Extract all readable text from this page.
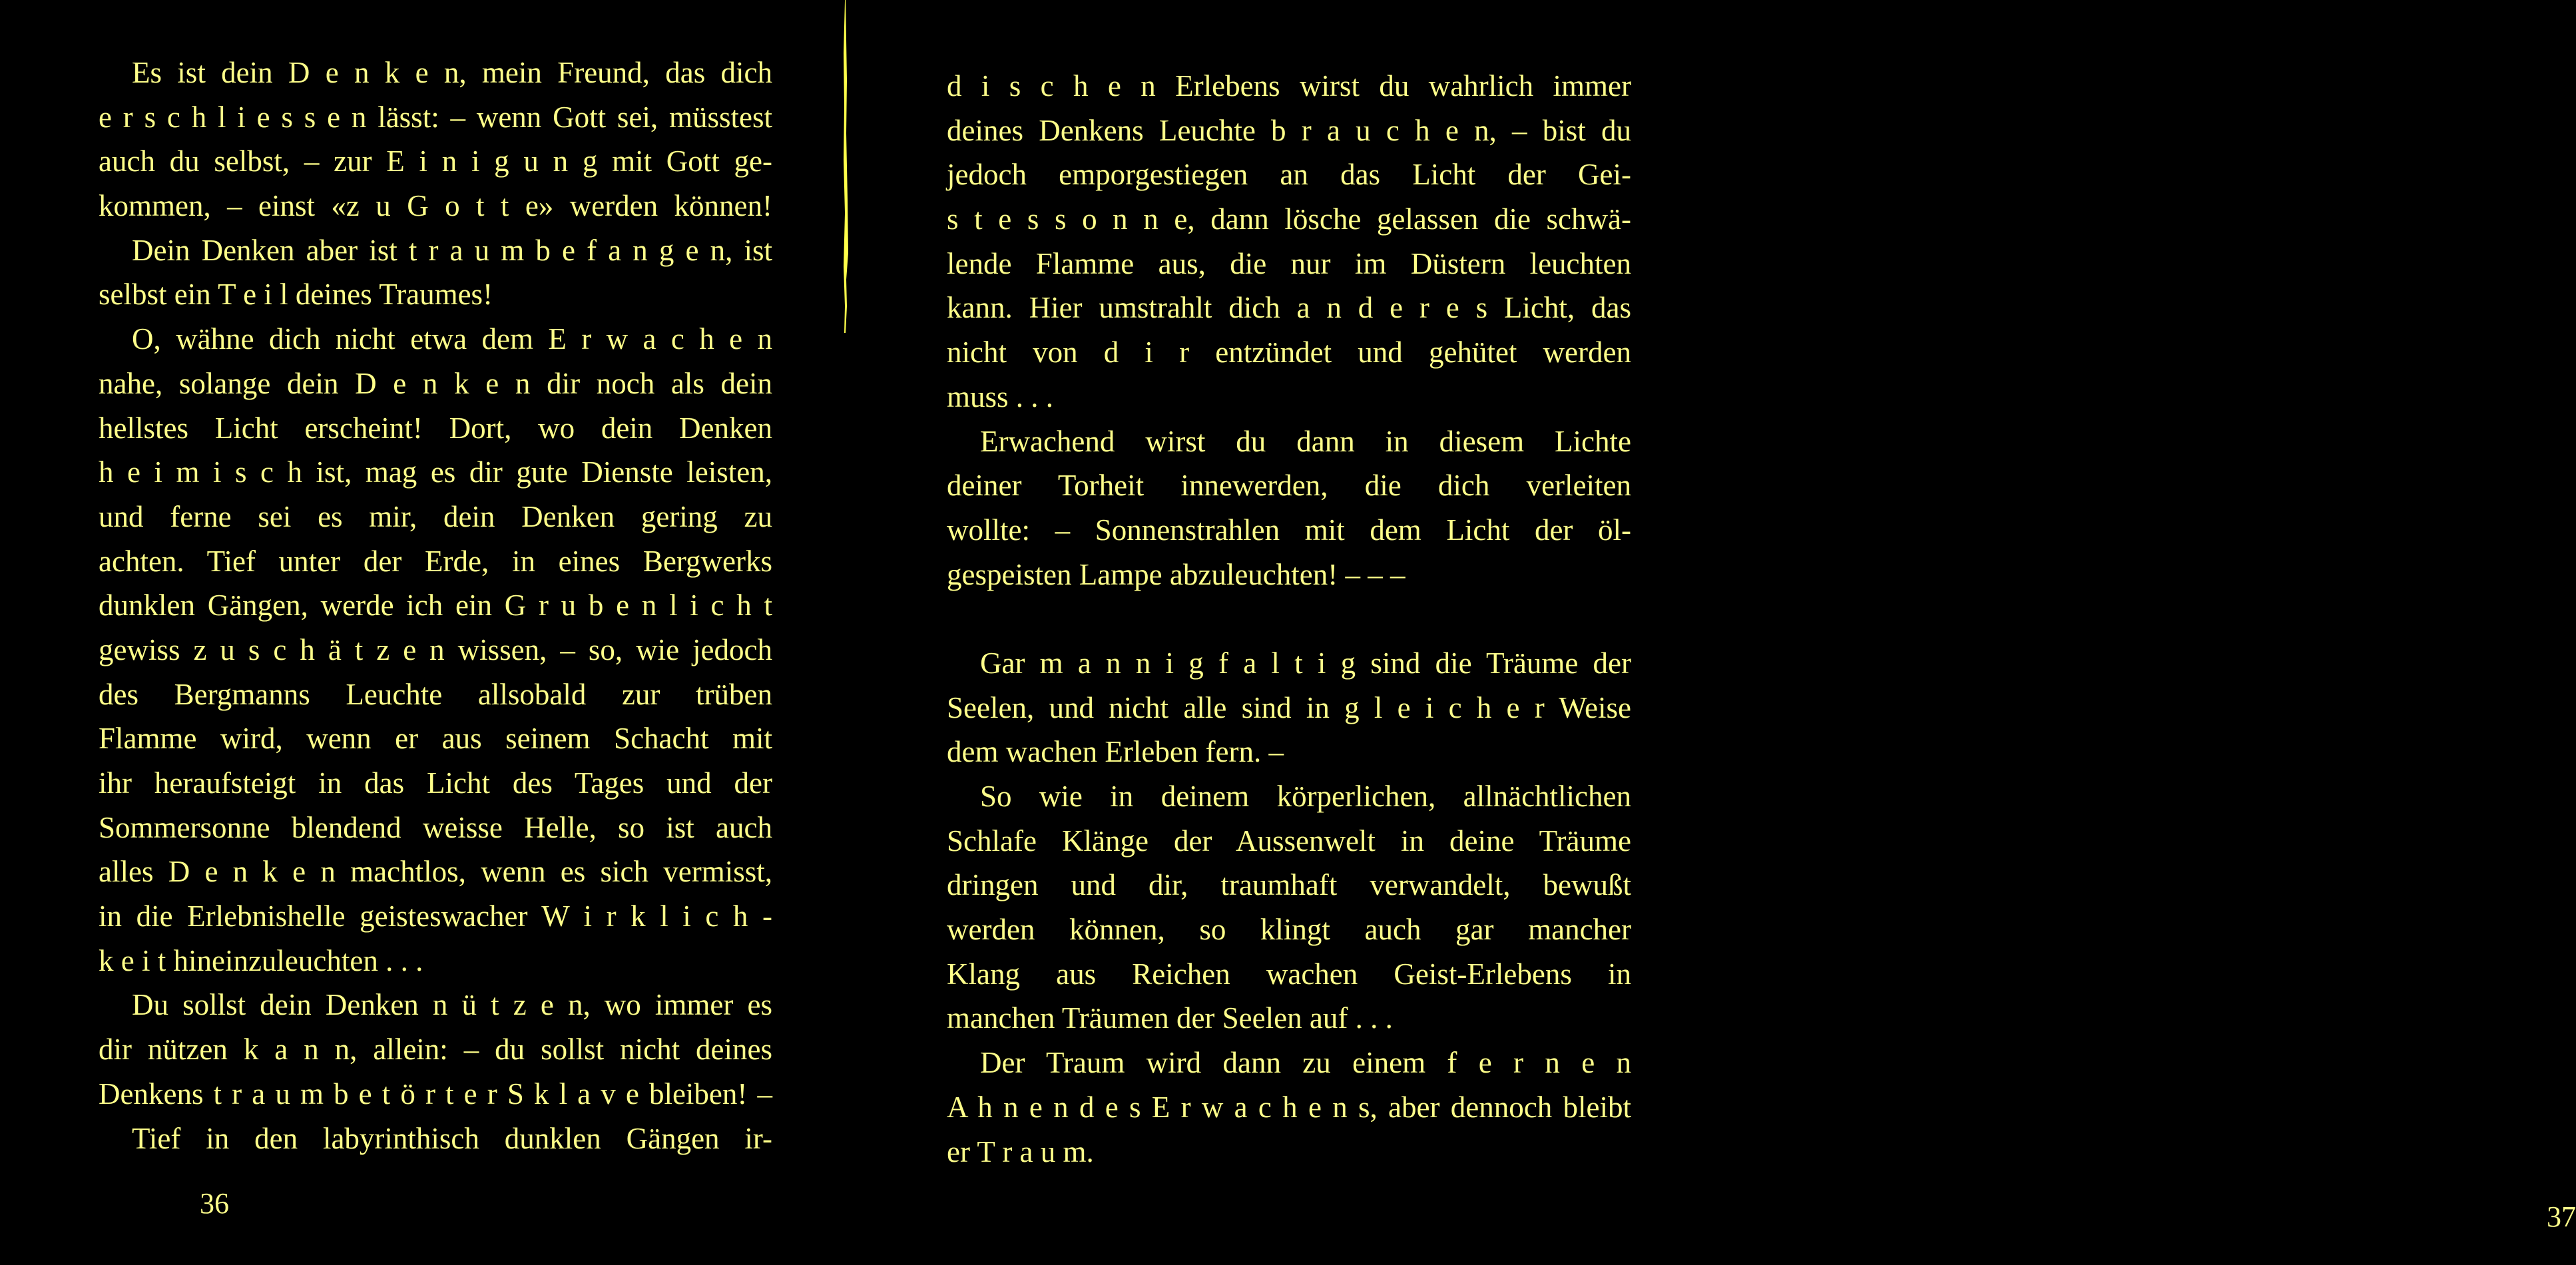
Es ist dein D e n k e n, mein Freund, das dich
e r s c h l i e s s e n lässt: – wenn Gott sei, müsstest
auch du selbst, – zur E i n i g u n g mit Gott ge-
kommen, – einst «z u G o t t e» werden können!
Dein Denken aber ist t r a u m b e f a n g e n, ist
selbst ein T e i l deines Traumes!
O, wähne dich nicht etwa dem E r w a c h e n
nahe, solange dein D e n k e n dir noch als dein
hellstes Licht erscheint! Dort, wo dein Denken
h e i m i s c h ist, mag es dir gute Dienste leisten,
und ferne sei es mir, dein Denken gering zu
achten. Tief unter der Erde, in eines Bergwerks
dunklen Gängen, werde ich ein G r u b e n l i c h t
gewiss z u s c h ä t z e n wissen, – so, wie jedoch
des Bergmanns Leuchte allsobald zur trüben
Flamme wird, wenn er aus seinem Schacht mit
ihr heraufsteigt in das Licht des Tages und der
Sommersonne blendend weisse Helle, so ist auch
alles D e n k e n machtlos, wenn es sich vermisst,
in die Erlebnishelle geisteswacher W i r k l i c h -
k e i t hineinzuleuchten . . .
Du sollst dein Denken n ü t z e n, wo immer es
dir nützen k a n n, allein: – du sollst nicht deines
Denkens t r a u m b e t ö r t e r S k l a v e bleiben! –
Tief in den labyrinthisch dunklen Gängen ir-
36
d i s c h e n Erlebens wirst du wahrlich immer
deines Denkens Leuchte b r a u c h e n, – bist du
jedoch emporgestiegen an das Licht der Gei-
s t e s s o n n e, dann lösche gelassen die schwä-
lende Flamme aus, die nur im Düstern leuchten
kann. Hier umstrahlt dich a n d e r e s Licht, das
nicht von d i r entzündet und gehütet werden
muss . . .
Erwachend wirst du dann in diesem Lichte
deiner Torheit innewerden, die dich verleiten
wollte: – Sonnenstrahlen mit dem Licht der öl-
gespeisten Lampe abzuleuchten! – – –
Gar m a n n i g f a l t i g sind die Träume der
Seelen, und nicht alle sind in g l e i c h e r Weise
dem wachen Erleben fern. –
So wie in deinem körperlichen, allnächtlichen
Schlafe Klänge der Aussenwelt in deine Träume
dringen und dir, traumhaft verwandelt, bewußt
werden können, so klingt auch gar mancher
Klang aus Reichen wachen Geist-Erlebens in
manchen Träumen der Seelen auf . . .
Der Traum wird dann zu einem f e r n e n
A h n e n d e s E r w a c h e n s, aber dennoch bleibt
er T r a u m.
37
